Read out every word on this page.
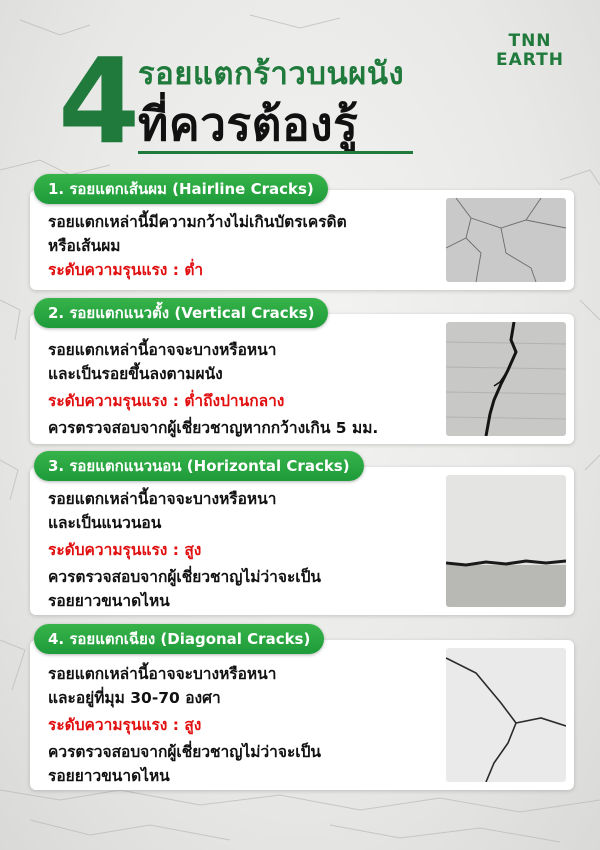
4 รอยแตกร้าวบนผนัง
ที่ควรต้องรู้
TNN
EARTH
1. รอยแตกเส้นผม (Hairline Cracks)

รอยแตกเหล่านี้มีความกว้างไม่เกินบัตรเครดิต

หรือเส้นผม

ระดับความรุนแรง : ต่ำ

2. รอยแตกแนวตั้ง (Vertical Cracks)

รอยแตกเหล่านี้อาจจะบางหรือหนา

และเป็นรอยขึ้นลงตามผนัง

ระดับความรุนแรง : ต่ำถึงปานกลาง

ควรตรวจสอบจากผู้เชี่ยวชาญหากกว้างเกิน 5 มม.

3. รอยแตกแนวนอน (Horizontal Cracks)

รอยแตกเหล่านี้อาจจะบางหรือหนา

และเป็นแนวนอน

ระดับความรุนแรง : สูง

ควรตรวจสอบจากผู้เชี่ยวชาญไม่ว่าจะเป็น

รอยยาวขนาดไหน

4. รอยแตกเฉียง (Diagonal Cracks)

รอยแตกเหล่านี้อาจจะบางหรือหนา

และอยู่ที่มุม 30-70 องศา

ระดับความรุนแรง : สูง

ควรตรวจสอบจากผู้เชี่ยวชาญไม่ว่าจะเป็น

รอยยาวขนาดไหน
